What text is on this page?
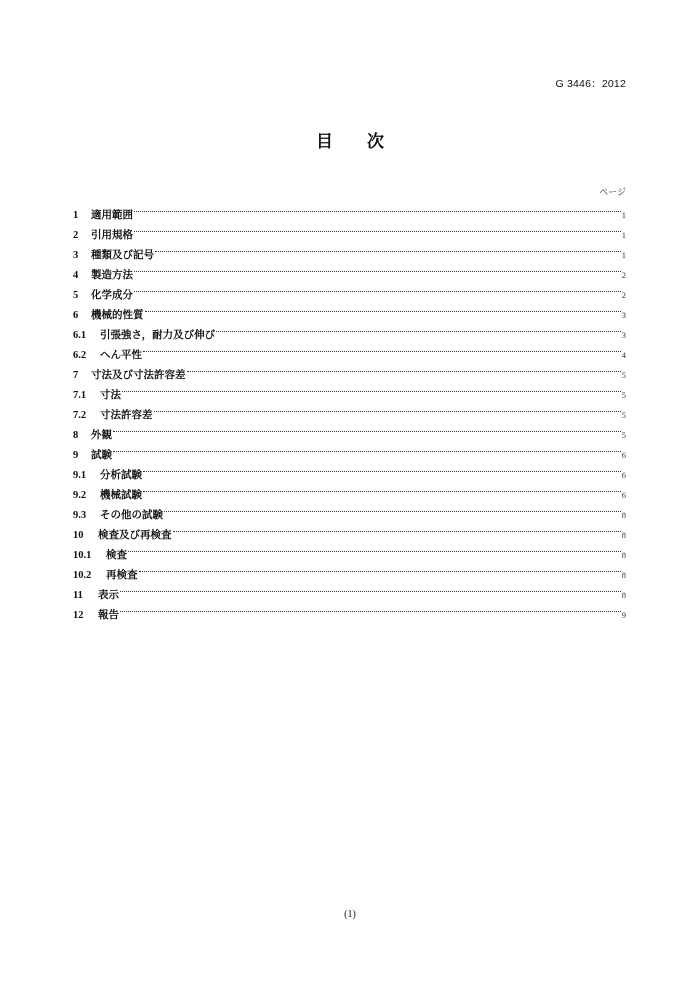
G 3446：2012
目 次
ページ
1	適用範囲	1
2	引用規格	1
3	種類及び記号	1
4	製造方法	2
5	化学成分	2
6	機械的性質	3
6.1	引張強さ，耐力及び伸び	3
6.2	へん平性	4
7	寸法及び寸法許容差	5
7.1	寸法	5
7.2	寸法許容差	5
8	外観	5
9	試験	6
9.1	分析試験	6
9.2	機械試験	6
9.3	その他の試験	8
10	検査及び再検査	8
10.1	検査	8
10.2	再検査	8
11	表示	8
12	報告	9
(1)
